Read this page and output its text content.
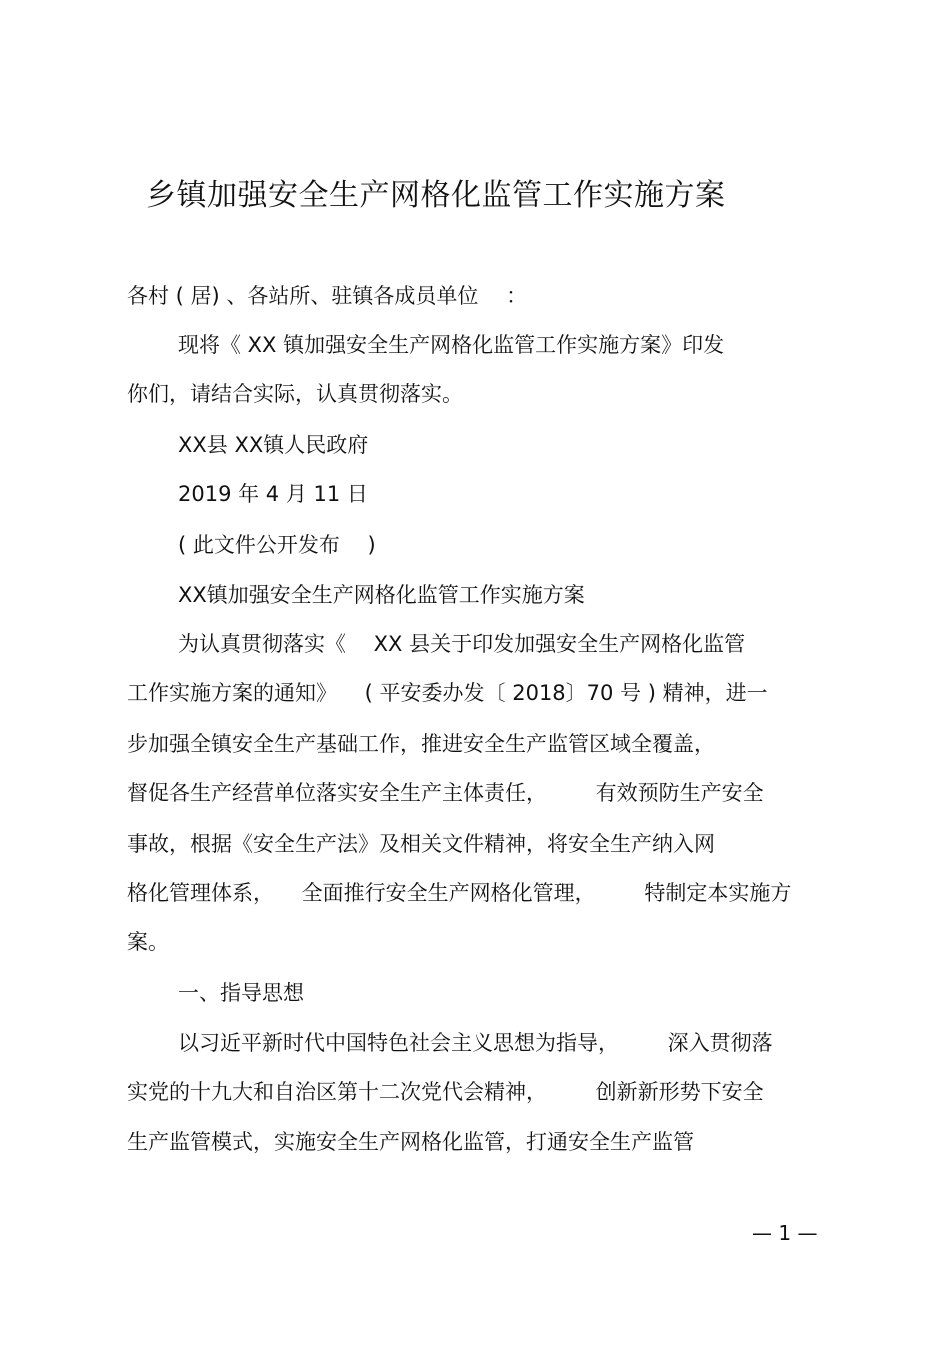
乡镇加强安全生产网格化监管工作实施方案
各村 ( 居) 、各站所、驻镇各成员单位 　：
现将《 XX 镇加强安全生产网格化监管工作实施方案》印发
你们，请结合实际，认真贯彻落实。
XX县 XX镇人民政府
2019 年 4 月 11 日
( 此文件公开发布 　)
XX镇加强安全生产网格化监管工作实施方案
为认真贯彻落实《 　XX 县关于印发加强安全生产网格化监管
工作实施方案的通知》 　( 平安委办发〔 2018〕70 号 ) 精神，进一
步加强全镇安全生产基础工作，推进安全生产监管区域全覆盖，
督促各生产经营单位落实安全生产主体责任， 　　有效预防生产安全
事故，根据《安全生产法》及相关文件精神，将安全生产纳入网
格化管理体系， 　全面推行安全生产网格化管理， 　　特制定本实施方
案。
一、指导思想
以习近平新时代中国特色社会主义思想为指导， 　　深入贯彻落
实党的十九大和自治区第十二次党代会精神， 　　创新新形势下安全
生产监管模式，实施安全生产网格化监管，打通安全生产监管
— 1 —
